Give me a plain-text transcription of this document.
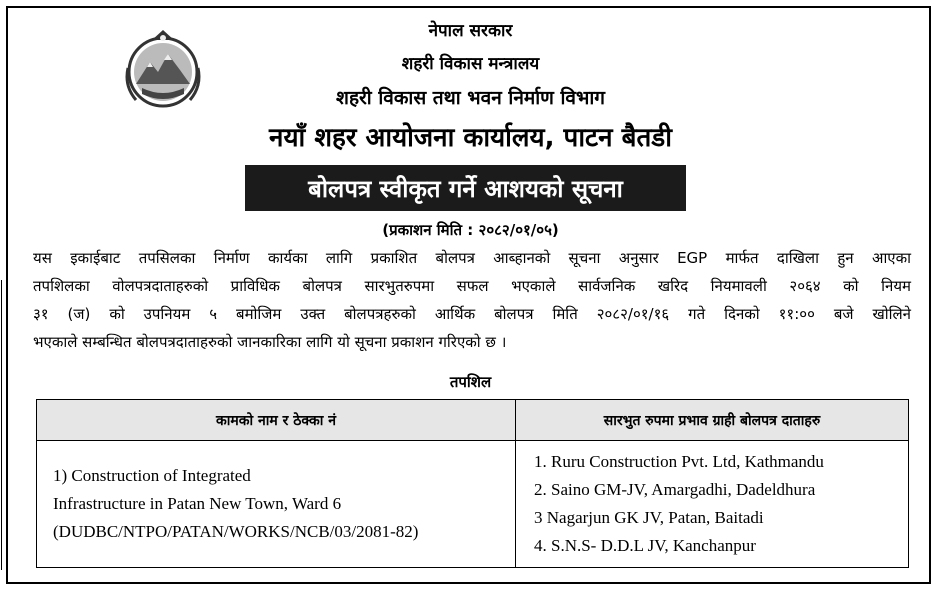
नेपाल सरकार
शहरी विकास मन्त्रालय
शहरी विकास तथा भवन निर्माण विभाग
नयाँ शहर आयोजना कार्यालय, पाटन बैतडी
बोलपत्र स्वीकृत गर्ने आशयको सूचना
(प्रकाशन मिति : २०८२/०१/०५)
यस इकाईबाट तपसिलका निर्माण कार्यका लागि प्रकाशित बोलपत्र आब्हानको सूचना अनुसार EGP मार्फत दाखिला हुन आएका
तपशिलका वोलपत्रदाताहरुको प्राविधिक बोलपत्र सारभुतरुपमा सफल भएकाले सार्वजनिक खरिद नियमावली २०६४ को नियम
३१ (ज) को उपनियम ५ बमोजिम उक्त बोलपत्रहरुको आर्थिक बोलपत्र मिति २०८२/०१/१६ गते दिनको ११:०० बजे खोलिने
भएकाले सम्बन्धित बोलपत्रदाताहरुको जानकारिका लागि यो सूचना प्रकाशन गरिएको छ ।
तपशिल
कामको नाम र ठेक्का नं	सारभुत रुपमा प्रभाव ग्राही बोलपत्र दाताहरु

1) Construction of Integrated
Infrastructure in Patan New Town, Ward 6
(DUDBC/NTPO/PATAN/WORKS/NCB/03/2081-82)	1. Ruru Construction Pvt. Ltd, Kathmandu
2. Saino GM-JV, Amargadhi, Dadeldhura
3 Nagarjun GK JV, Patan, Baitadi
4. S.N.S- D.D.L JV, Kanchanpur
